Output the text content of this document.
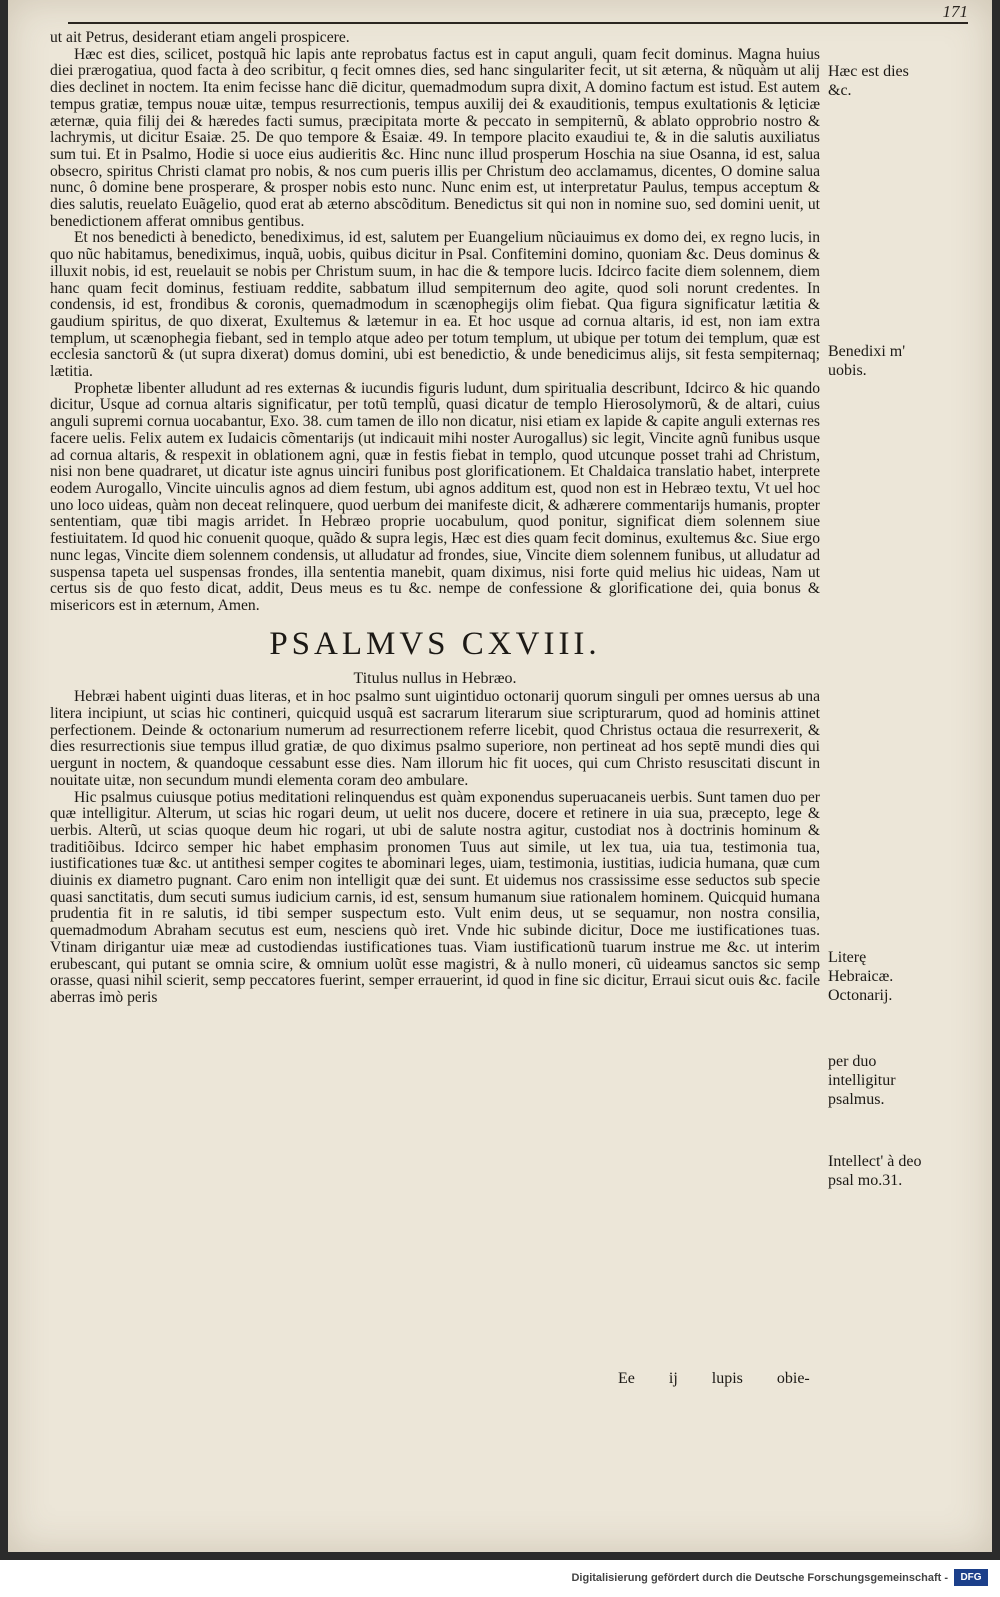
171

ut ait Petrus, desiderant etiam angeli prospicere.

Hæc est dies, scilicet, postquã hic lapis ante reprobatus factus est in caput anguli, quam fecit dominus. Magna huius diei prærogatiua, quod facta à deo scribitur, q fecit omnes dies, sed hanc singulariter fecit, ut sit æterna, & nũquàm ut alij dies declinet in noctem. Ita enim fecisse hanc diē dicitur, quemadmodum supra dixit, A domino factum est istud. Est autem tempus gratiæ, tempus nouæ uitæ, tempus resurrectionis, tempus auxilij dei & exauditionis, tempus exultationis & lęticiæ æternæ, quia filij dei & hæredes facti sumus, præcipitata morte & peccato in sempiternũ, & ablato opprobrio nostro & lachrymis, ut dicitur Esaiæ. 25. De quo tempore & Esaiæ. 49. In tempore placito exaudiui te, & in die salutis auxiliatus sum tui. Et in Psalmo, Hodie si uoce eius audieritis &c. Hinc nunc illud prosperum Hoschia na siue Osanna, id est, salua obsecro, spiritus Christi clamat pro nobis, & nos cum pueris illis per Christum deo acclamamus, dicentes, O domine salua nunc, ô domine bene prosperare, & prosper nobis esto nunc. Nunc enim est, ut interpretatur Paulus, tempus acceptum & dies salutis, reuelato Euãgelio, quod erat ab æterno abscõditum. Benedictus sit qui non in nomine suo, sed domini uenit, ut benedictionem afferat omnibus gentibus.

Et nos benedicti à benedicto, benediximus, id est, salutem per Euangelium nũciauimus ex domo dei, ex regno lucis, in quo nũc habitamus, benediximus, inquã, uobis, quibus dicitur in Psal. Confitemini domino, quoniam &c. Deus dominus & illuxit nobis, id est, reuelauit se nobis per Christum suum, in hac die & tempore lucis. Idcirco facite diem solennem, diem hanc quam fecit dominus, festiuam reddite, sabbatum illud sempiternum deo agite, quod soli norunt credentes. In condensis, id est, frondibus & coronis, quemadmodum in scænophegijs olim fiebat. Qua figura significatur lætitia & gaudium spiritus, de quo dixerat, Exultemus & lætemur in ea. Et hoc usque ad cornua altaris, id est, non iam extra templum, ut scænophegia fiebant, sed in templo atque adeo per totum templum, ut ubique per totum dei templum, quæ est ecclesia sanctorũ & (ut supra dixerat) domus domini, ubi est benedictio, & unde benedicimus alijs, sit festa sempiternaq; lætitia.

Prophetæ libenter alludunt ad res externas & iucundis figuris ludunt, dum spiritualia describunt, Idcirco & hic quando dicitur, Usque ad cornua altaris significatur, per totũ templũ, quasi dicatur de templo Hierosolymorũ, & de altari, cuius anguli supremi cornua uocabantur, Exo. 38. cum tamen de illo non dicatur, nisi etiam ex lapide & capite anguli externas res facere uelis. Felix autem ex Iudaicis cõmentarijs (ut indicauit mihi noster Aurogallus) sic legit, Vincite agnũ funibus usque ad cornua altaris, & respexit in oblationem agni, quæ in festis fiebat in templo, quod utcunque posset trahi ad Christum, nisi non bene quadraret, ut dicatur iste agnus uinciri funibus post glorificationem. Et Chaldaica translatio habet, interprete eodem Aurogallo, Vincite uinculis agnos ad diem festum, ubi agnos additum est, quod non est in Hebræo textu, Vt uel hoc uno loco uideas, quàm non deceat relinquere, quod uerbum dei manifeste dicit, & adhærere commentarijs humanis, propter sententiam, quæ tibi magis arridet. In Hebræo proprie uocabulum, quod ponitur, significat diem solennem siue festiuitatem. Id quod hic conuenit quoque, quãdo & supra legis, Hæc est dies quam fecit dominus, exultemus &c. Siue ergo nunc legas, Vincite diem solennem condensis, ut alludatur ad frondes, siue, Vincite diem solennem funibus, ut alludatur ad suspensa tapeta uel suspensas frondes, illa sententia manebit, quam diximus, nisi forte quid melius hic uideas, Nam ut certus sis de quo festo dicat, addit, Deus meus es tu &c. nempe de confessione & glorificatione dei, quia bonus & misericors est in æternum, Amen.

PSALMVS CXVIII.
Titulus nullus in Hebræo.

Hebræi habent uiginti duas literas, et in hoc psalmo sunt uigintiduo octonarij quorum singuli per omnes uersus ab una litera incipiunt, ut scias hic contineri, quicquid usquã est sacrarum literarum siue scripturarum, quod ad hominis attinet perfectionem. Deinde & octonarium numerum ad resurrectionem referre licebit, quod Christus octaua die resurrexerit, & dies resurrectionis siue tempus illud gratiæ, de quo diximus psalmo superiore, non pertineat ad hos septē mundi dies qui uergunt in noctem, & quandoque cessabunt esse dies. Nam illorum hic fit uoces, qui cum Christo resuscitati discunt in nouitate uitæ, non secundum mundi elementa coram deo ambulare.

Hic psalmus cuiusque potius meditationi relinquendus est quàm exponendus superuacaneis uerbis. Sunt tamen duo per quæ intelligitur. Alterum, ut scias hic rogari deum, ut uelit nos ducere, docere et retinere in uia sua, præcepto, lege & uerbis. Alterũ, ut scias quoque deum hic rogari, ut ubi de salute nostra agitur, custodiat nos à doctrinis hominum & traditiõibus. Idcirco semper hic habet emphasim pronomen Tuus aut simile, ut lex tua, uia tua, testimonia tua, iustificationes tuæ &c. ut antithesi semper cogites te abominari leges, uiam, testimonia, iustitias, iudicia humana, quæ cum diuinis ex diametro pugnant. Caro enim non intelligit quæ dei sunt. Et uidemus nos crassissime esse seductos sub specie quasi sanctitatis, dum secuti sumus iudicium carnis, id est, sensum humanum siue rationalem hominem. Quicquid humana prudentia fit in re salutis, id tibi semper suspectum esto. Vult enim deus, ut se sequamur, non nostra consilia, quemadmodum Abraham secutus est eum, nesciens quò iret. Vnde hic subinde dicitur, Doce me iustificationes tuas. Vtinam dirigantur uiæ meæ ad custodiendas iustificationes tuas. Viam iustificationũ tuarum instrue me &c. ut interim erubescant, qui putant se omnia scire, & omnium uolũt esse magistri, & à nullo moneri, cũ uideamus sanctos sic semp orasse, quasi nihil scierit, semp peccatores fuerint, semper errauerint, id quod in fine sic dicitur, Erraui sicut ouis &c. facile aberras imò peris

Hæc est dies &c.
Benedixi m' uobis.
Literę Hebraicæ. Octonarij.
per duo intelligitur psalmus.
Intellect' à deo psal mo.31.
Ee ij lupis obie-
Digitalisierung gefördert durch die Deutsche Forschungsgemeinschaft -	DFG
